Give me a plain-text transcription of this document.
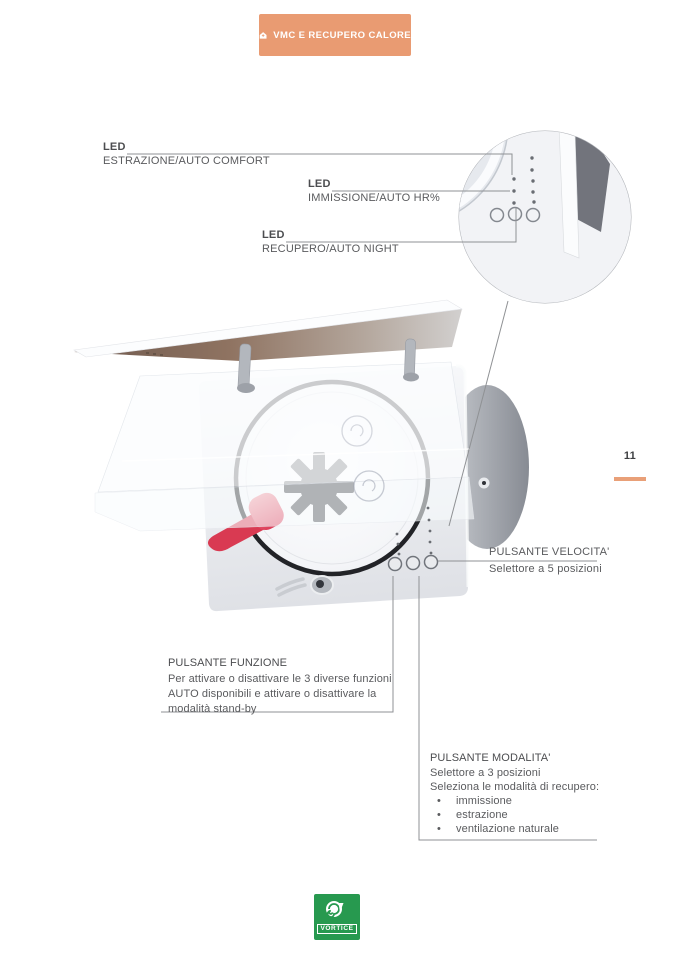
VMC E RECUPERO CALORE
LED
ESTRAZIONE/AUTO COMFORT
LED
IMMISSIONE/AUTO HR%
LED
RECUPERO/AUTO NIGHT
PULSANTE VELOCITA'
Selettore a 5 posizioni
PULSANTE FUNZIONE
Per attivare o disattivare le 3 diverse funzioni AUTO disponibili e attivare o disattivare la modalità stand-by
PULSANTE MODALITA'
Selettore a 3 posizioni
Seleziona le modalità di recupero:
• immissione
• estrazione
• ventilazione naturale
11
VORTICE
